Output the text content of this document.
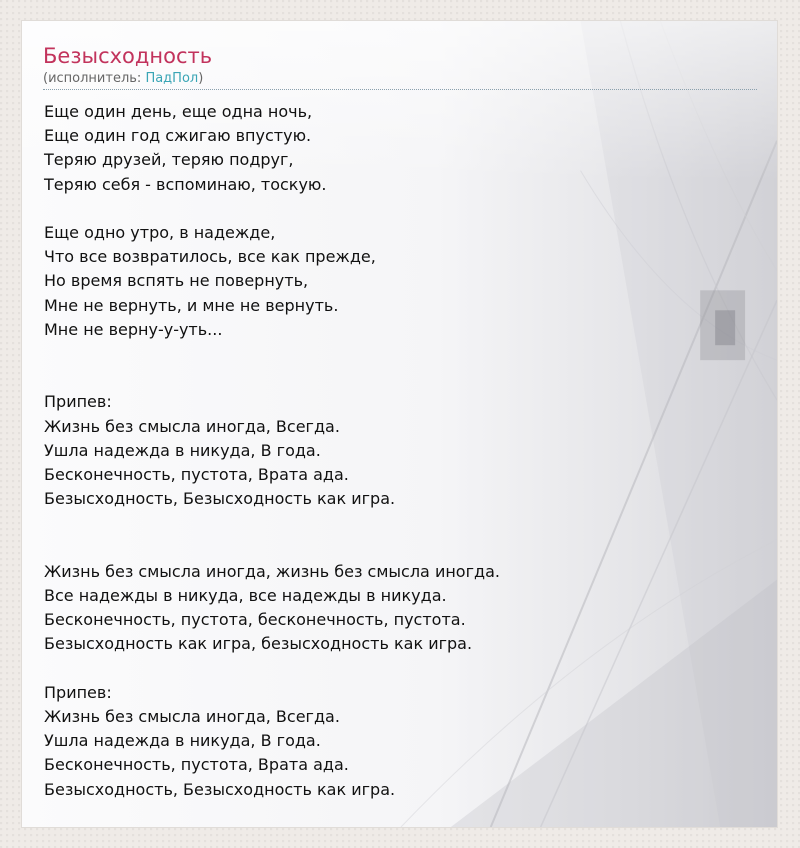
Безысходность
(исполнитель: ПадПол)
Еще один день, еще одна ночь,
Еще один год сжигаю впустую.
Теряю друзей, теряю подруг,
Теряю себя - вспоминаю, тоскую.

Еще одно утро, в надежде,
Что все возвратилось, все как прежде,
Но время вспять не повернуть,
Мне не вернуть, и мне не вернуть.
Мне не верну-у-уть...

Припев:
Жизнь без смысла иногда, Всегда.
Ушла надежда в никуда, В года.
Бесконечность, пустота, Врата ада.
Безысходность, Безысходность как игра.

Жизнь без смысла иногда, жизнь без смысла иногда.
Все надежды в никуда, все надежды в никуда.
Бесконечность, пустота, бесконечность, пустота.
Безысходность как игра, безысходность как игра.

Припев:
Жизнь без смысла иногда, Всегда.
Ушла надежда в никуда, В года.
Бесконечность, пустота, Врата ада.
Безысходность, Безысходность как игра.
